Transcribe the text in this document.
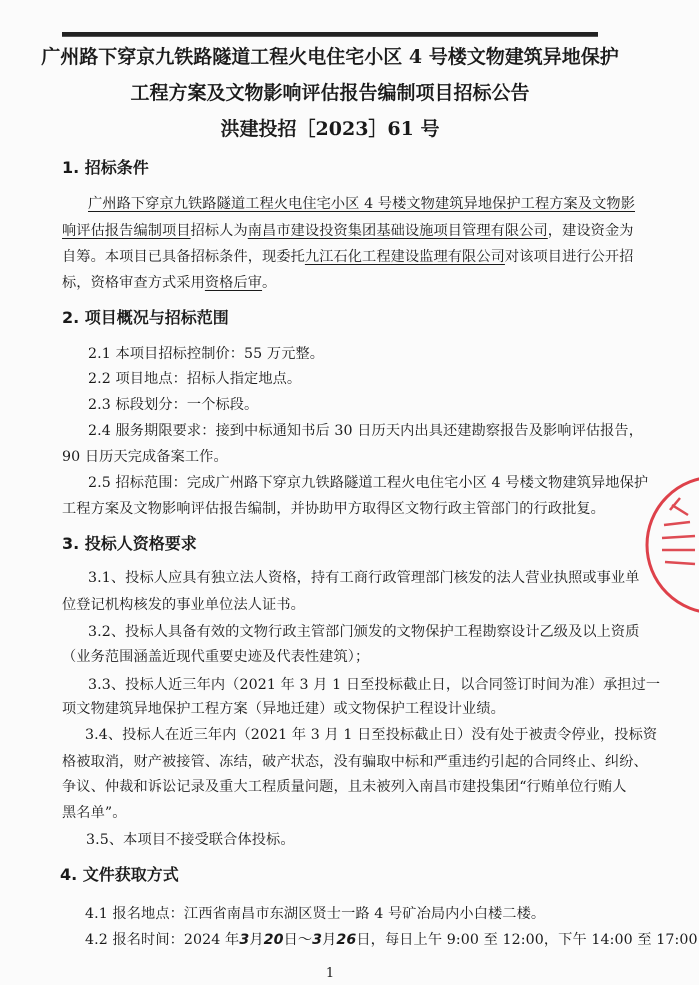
广州路下穿京九铁路隧道工程火电住宅小区 4 号楼文物建筑异地保护
工程方案及文物影响评估报告编制项目招标公告
洪建投招［2023］61 号
1. 招标条件
广州路下穿京九铁路隧道工程火电住宅小区 4 号楼文物建筑异地保护工程方案及文物影
响评估报告编制项目招标人为南昌市建设投资集团基础设施项目管理有限公司，建设资金为
自筹。本项目已具备招标条件，现委托九江石化工程建设监理有限公司对该项目进行公开招
标，资格审查方式采用资格后审。
2. 项目概况与招标范围
2.1 本项目招标控制价：55 万元整。
2.2 项目地点：招标人指定地点。
2.3 标段划分：一个标段。
2.4 服务期限要求：接到中标通知书后 30 日历天内出具还建勘察报告及影响评估报告，
90 日历天完成备案工作。
2.5 招标范围：完成广州路下穿京九铁路隧道工程火电住宅小区 4 号楼文物建筑异地保护
工程方案及文物影响评估报告编制，并协助甲方取得区文物行政主管部门的行政批复。
3. 投标人资格要求
3.1、投标人应具有独立法人资格，持有工商行政管理部门核发的法人营业执照或事业单
位登记机构核发的事业单位法人证书。
3.2、投标人具备有效的文物行政主管部门颁发的文物保护工程勘察设计乙级及以上资质
（业务范围涵盖近现代重要史迹及代表性建筑）；
3.3、投标人近三年内（2021 年 3 月 1 日至投标截止日，以合同签订时间为准）承担过一
项文物建筑异地保护工程方案（异地迁建）或文物保护工程设计业绩。
3.4、投标人在近三年内（2021 年 3 月 1 日至投标截止日）没有处于被责令停业，投标资
格被取消，财产被接管、冻结，破产状态，没有骗取中标和严重违约引起的合同终止、纠纷、
争议、仲裁和诉讼记录及重大工程质量问题，且未被列入南昌市建投集团“行贿单位行贿人
黑名单”。
3.5、本项目不接受联合体投标。
4. 文件获取方式
4.1 报名地点：江西省南昌市东湖区贤士一路 4 号矿冶局内小白楼二楼。
4.2 报名时间：2024 年3月20日～3月26日，每日上午 9:00 至 12:00，下午 14:00 至 17:00
1
